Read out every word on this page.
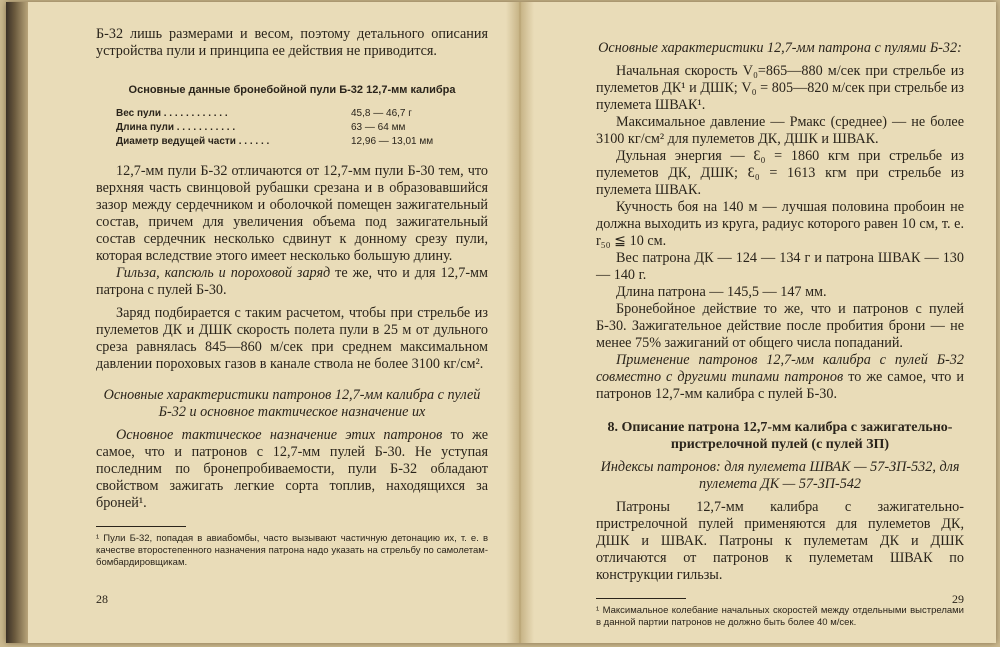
Б-32 лишь размерами и весом, поэтому детального описания устройства пули и принципа ее действия не приводится.

Основные данные бронебойной пули Б-32 12,7-мм калибра
Вес пули . . . . . . . . . . . .	45,8 — 46,7 г
Длина пули . . . . . . . . . . .	63 — 64 мм
Диаметр ведущей части . . . . . .	12,96 — 13,01 мм

12,7-мм пули Б-32 отличаются от 12,7-мм пули Б-30 тем, что верхняя часть свинцовой рубашки срезана и в образовавшийся зазор между сердечником и оболочкой помещен зажигательный состав, причем для увеличения объема под зажигательный состав сердечник несколько сдвинут к донному срезу пули, которая вследствие этого имеет несколько большую длину.

Гильза, капсюль и пороховой заряд те же, что и для 12,7-мм патрона с пулей Б-30.

Заряд подбирается с таким расчетом, чтобы при стрельбе из пулеметов ДК и ДШК скорость полета пули в 25 м от дульного среза равнялась 845—860 м/сек при среднем максимальном давлении пороховых газов в канале ствола не более 3100 кг/см².

Основные характеристики патронов 12,7-мм калибра с пулей Б-32 и основное тактическое назначение их

Основное тактическое назначение этих патронов то же самое, что и патронов с 12,7-мм пулей Б-30. Не уступая последним по бронепробиваемости, пули Б-32 обладают свойством зажигать легкие сорта топлив, находящихся за броней¹.

¹ Пули Б-32, попадая в авиабомбы, часто вызывают частичную детонацию их, т. е. в качестве второстепенного назначения патрона надо указать на стрельбу по самолетам-бомбардировщикам.

28

Основные характеристики 12,7-мм патрона с пулями Б-32:

Начальная скорость V₀=865—880 м/сек при стрельбе из пулеметов ДК¹ и ДШК; V₀ = 805—820 м/сек при стрельбе из пулемета ШВАК¹.

Максимальное давление — Pмакс (среднее) — не более 3100 кг/см² для пулеметов ДК, ДШК и ШВАК.

Дульная энергия — Ɛ₀ = 1860 кгм при стрельбе из пулеметов ДК, ДШК; Ɛ₀ = 1613 кгм при стрельбе из пулемета ШВАК.

Кучность боя на 140 м — лучшая половина пробоин не должна выходить из круга, радиус которого равен 10 см, т. е. r₅₀ ≦ 10 см.

Вес патрона ДК — 124 — 134 г и патрона ШВАК — 130 — 140 г.

Длина патрона — 145,5 — 147 мм.

Бронебойное действие то же, что и патронов с пулей Б-30. Зажигательное действие после пробития брони — не менее 75% зажиганий от общего числа попаданий.

Применение патронов 12,7-мм калибра с пулей Б-32 совместно с другими типами патронов то же самое, что и патронов 12,7-мм калибра с пулей Б-30.

8. Описание патрона 12,7-мм калибра с зажигательно-пристрелочной пулей (с пулей ЗП)

Индексы патронов: для пулемета ШВАК — 57-ЗП-532, для пулемета ДК — 57-ЗП-542

Патроны 12,7-мм калибра с зажигательно-пристрелочной пулей применяются для пулеметов ДК, ДШК и ШВАК. Патроны к пулеметам ДК и ДШК отличаются от патронов к пулеметам ШВАК по конструкции гильзы.

¹ Максимальное колебание начальных скоростей между отдельными выстрелами в данной партии патронов не должно быть более 40 м/сек.

29
